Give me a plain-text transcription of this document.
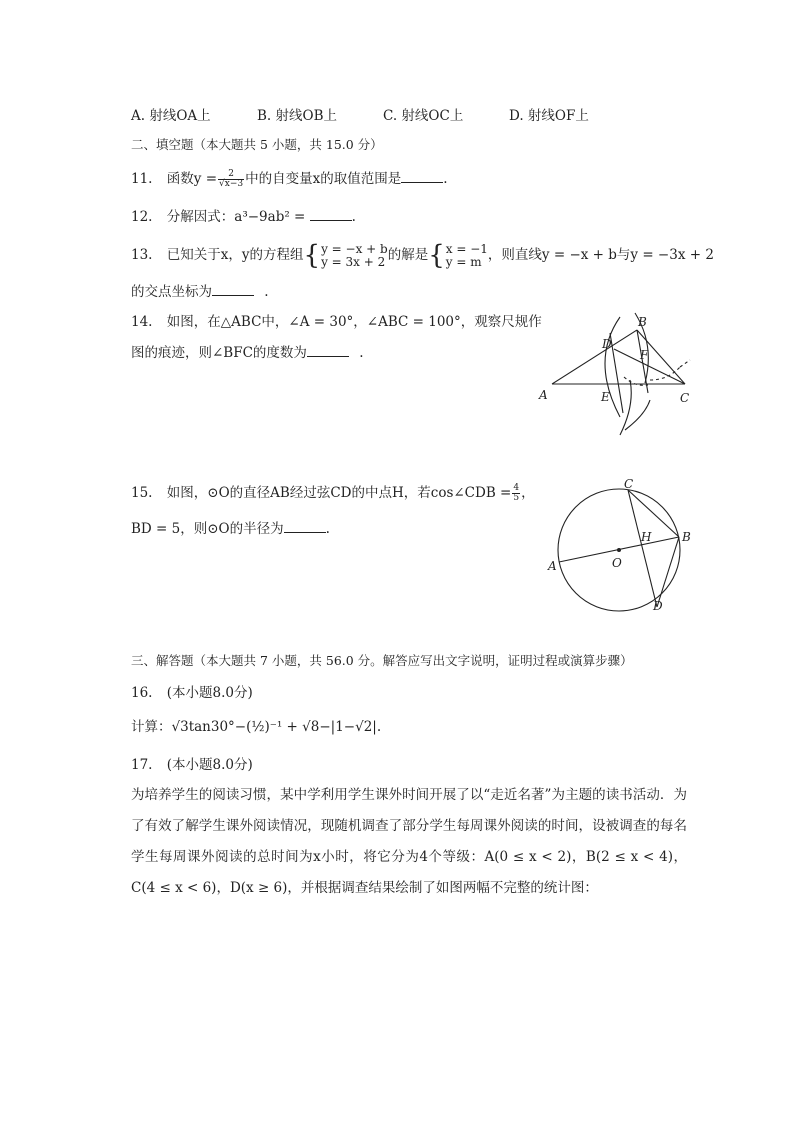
A. 射线OA上	B. 射线OB上	C. 射线OC上	D. 射线OF上
二、填空题（本大题共 5 小题，共 15.0 分）
11. 函数$y = \frac{2}{√x-3}$ 中的自变量x的取值范围是	.
12. 分解因式：a³−9ab² =	.
13. 已知关于x，y的方程组{ y = −x + b
y = 3x + 2 的解是{ x = −1
y = m ，则直线y = −x + b与y = −3x + 2
的交点坐标为	.
14. 如图，在△ABC中，∠A = 30°，∠ABC = 100°，观察尺规作
图的痕迹，则∠BFC的度数为	.
A
B
C
D
E
F
15. 如图，⊙O的直径AB经过弦CD的中点H，若cos∠CDB = $\frac{4}{5}$ ，
BD = 5，则⊙O的半径为	.
A
B
C
D
H
O
三、解答题（本大题共 7 小题，共 56.0 分。解答应写出文字说明，证明过程或演算步骤）
16. (本小题8.0分)
计算：√3tan30°−(½)⁻¹ + √8−|1−√2|.
17. (本小题8.0分)
为培养学生的阅读习惯，某中学利用学生课外时间开展了以“走近名著”为主题的读书活动．为了有效了解学生课外阅读情况，现随机调查了部分学生每周课外阅读的时间，设被调查的每名学生每周课外阅读的总时间为x小时，将它分为4个等级：A(0 ≤ x < 2)，B(2 ≤ x < 4)，C(4 ≤ x < 6)，D(x ≥ 6)，并根据调查结果绘制了如图两幅不完整的统计图：
